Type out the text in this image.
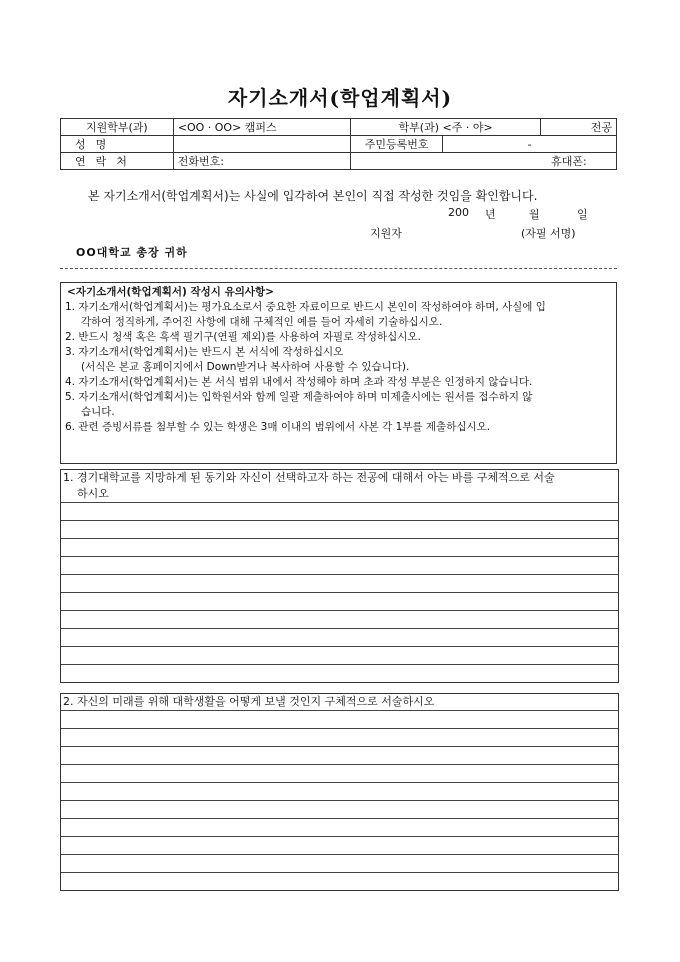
자기소개서(학업계획서)
지원학부(과)	<OO · OO> 캠퍼스	학부(과) <주 · 야>		전공
성명		주민등록번호	-	
연락처	전화번호:	휴대폰:		
본 자기소개서(학업계획서)는 사실에 입각하여 본인이 직접 작성한 것임을 확인합니다.
200 년	월	일
지원자	(자필 서명)
OO대학교 총장 귀하
<자기소개서(학업계획서) 작성시 유의사항>
1. 자기소개서(학업계획서)는 평가요소로서 중요한 자료이므로 반드시 본인이 작성하여야 하며, 사실에 입
각하여 정직하게, 주어진 사항에 대해 구체적인 예를 들어 자세히 기술하십시오.
2. 반드시 청색 혹은 흑색 필기구(연필 제외)를 사용하여 자필로 작성하십시오.
3. 자기소개서(학업계획서)는 반드시 본 서식에 작성하십시오
(서식은 본교 홈페이지에서 Down받거나 복사하여 사용할 수 있습니다).
4. 자기소개서(학업계획서)는 본 서식 범위 내에서 작성해야 하며 초과 작성 부분은 인정하지 않습니다.
5. 자기소개서(학업계획서)는 입학원서와 함께 일괄 제출하여야 하며 미제출시에는 원서를 접수하지 않
습니다.
6. 관련 증빙서류를 첨부할 수 있는 학생은 3매 이내의 범위에서 사본 각 1부를 제출하십시오.
1. 경기대학교를 지망하게 된 동기와 자신이 선택하고자 하는 전공에 대해서 아는 바를 구체적으로 서술
하시오
2. 자신의 미래를 위해 대학생활을 어떻게 보낼 것인지 구체적으로 서술하시오
